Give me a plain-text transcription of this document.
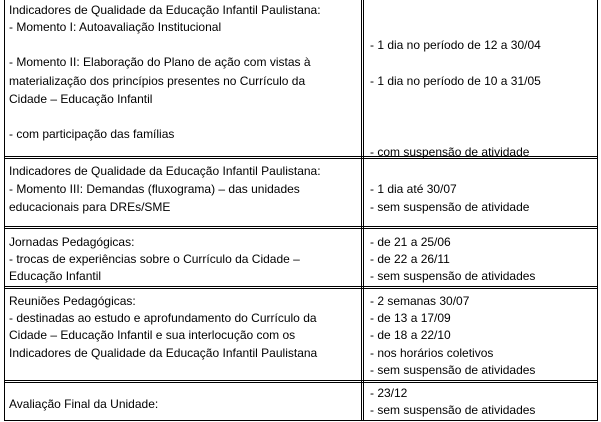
Indicadores de Qualidade da Educação Infantil Paulistana:
- Momento I: Autoavaliação Institucional
- Momento II: Elaboração do Plano de ação com vistas à
materialização dos princípios presentes no Currículo da
Cidade – Educação Infantil
- com participação das famílias
- 1 dia no período de 12 a 30/04
- 1 dia no período de 10 a 31/05
- com suspensão de atividade
Indicadores de Qualidade da Educação Infantil Paulistana:
- Momento III: Demandas (fluxograma) – das unidades
educacionais para DREs/SME
- 1 dia até 30/07
- sem suspensão de atividade
Jornadas Pedagógicas:
- trocas de experiências sobre o Currículo da Cidade –
Educação Infantil
- de 21 a 25/06
- de 22 a 26/11
- sem suspensão de atividades
Reuniões Pedagógicas:
- destinadas ao estudo e aprofundamento do Currículo da
Cidade – Educação Infantil e sua interlocução com os
Indicadores de Qualidade da Educação Infantil Paulistana
- 2 semanas 30/07
- de 13 a 17/09
- de 18 a 22/10
- nos horários coletivos
- sem suspensão de atividades
Avaliação Final da Unidade:
- 23/12
- sem suspensão de atividades
